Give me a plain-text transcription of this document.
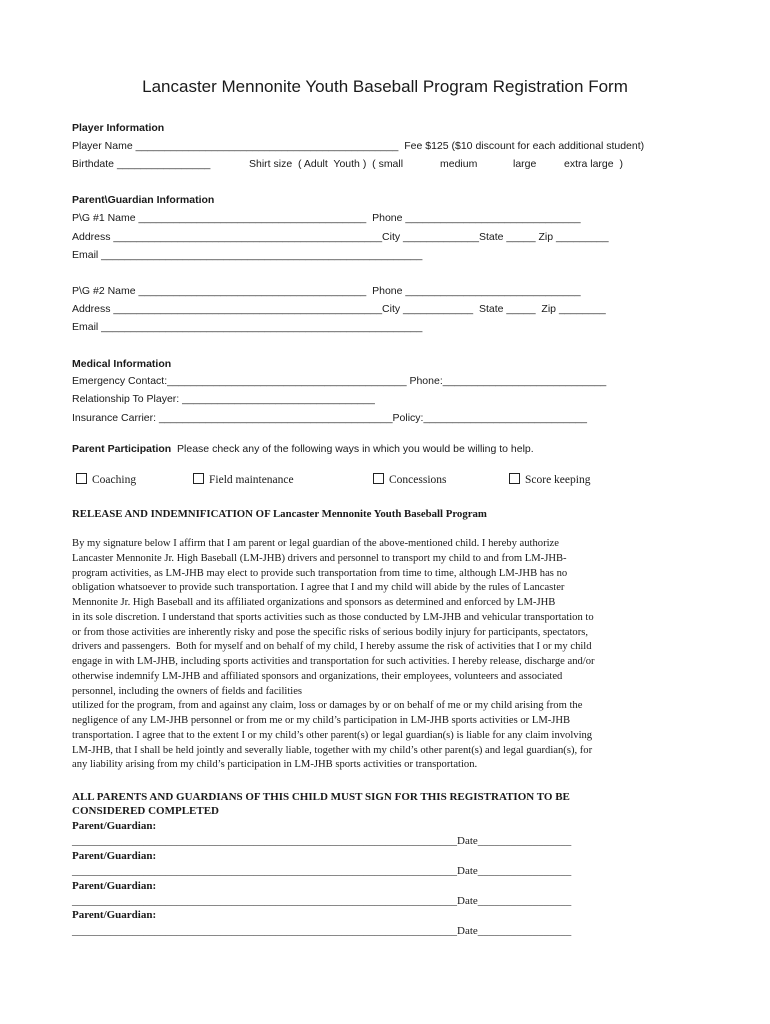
Lancaster Mennonite Youth Baseball Program Registration Form
Player Information
Player Name _____________________________________________  Fee $125 ($10 discount for each additional student)
Birthdate ________________	Shirt size  ( Adult  Youth )  ( small	medium	large	extra large  )
Parent\Guardian Information
P\G #1 Name _______________________________________  Phone ______________________________
Address ______________________________________________City _____________State _____ Zip _________
Email _______________________________________________________
P\G #2 Name _______________________________________  Phone ______________________________
Address ______________________________________________City ____________  State _____  Zip ________
Email _______________________________________________________
Medical Information
Emergency Contact:_________________________________________ Phone:____________________________
Relationship To Player: _________________________________
Insurance Carrier: ________________________________________Policy:____________________________
Parent Participation Please check any of the following ways in which you would be willing to help.
Coaching	Field maintenance	Concessions	Score keeping
RELEASE AND INDEMNIFICATION OF Lancaster Mennonite Youth Baseball Program
By my signature below I affirm that I am parent or legal guardian of the above-mentioned child. I hereby authorize
Lancaster Mennonite Jr. High Baseball (LM-JHB) drivers and personnel to transport my child to and from LM-JHB-
program activities, as LM-JHB may elect to provide such transportation from time to time, although LM-JHB has no
obligation whatsoever to provide such transportation. I agree that I and my child will abide by the rules of Lancaster
Mennonite Jr. High Baseball and its affiliated organizations and sponsors as determined and enforced by LM-JHB
in its sole discretion. I understand that sports activities such as those conducted by LM-JHB and vehicular transportation to
or from those activities are inherently risky and pose the specific risks of serious bodily injury for participants, spectators,
drivers and passengers.  Both for myself and on behalf of my child, I hereby assume the risk of activities that I or my child
engage in with LM-JHB, including sports activities and transportation for such activities. I hereby release, discharge and/or
otherwise indemnify LM-JHB and affiliated sponsors and organizations, their employees, volunteers and associated
personnel, including the owners of fields and facilities
utilized for the program, from and against any claim, loss or damages by or on behalf of me or my child arising from the
negligence of any LM-JHB personnel or from me or my child’s participation in LM-JHB sports activities or LM-JHB
transportation. I agree that to the extent I or my child’s other parent(s) or legal guardian(s) is liable for any claim involving
LM-JHB, that I shall be held jointly and severally liable, together with my child’s other parent(s) and legal guardian(s), for
any liability arising from my child’s participation in LM-JHB sports activities or transportation.
ALL PARENTS AND GUARDIANS OF THIS CHILD MUST SIGN FOR THIS REGISTRATION TO BE
CONSIDERED COMPLETED
Parent/Guardian:
______________________________________________________________________Date_________________
Parent/Guardian:
______________________________________________________________________Date_________________
Parent/Guardian:
______________________________________________________________________Date_________________
Parent/Guardian:
______________________________________________________________________Date_________________
